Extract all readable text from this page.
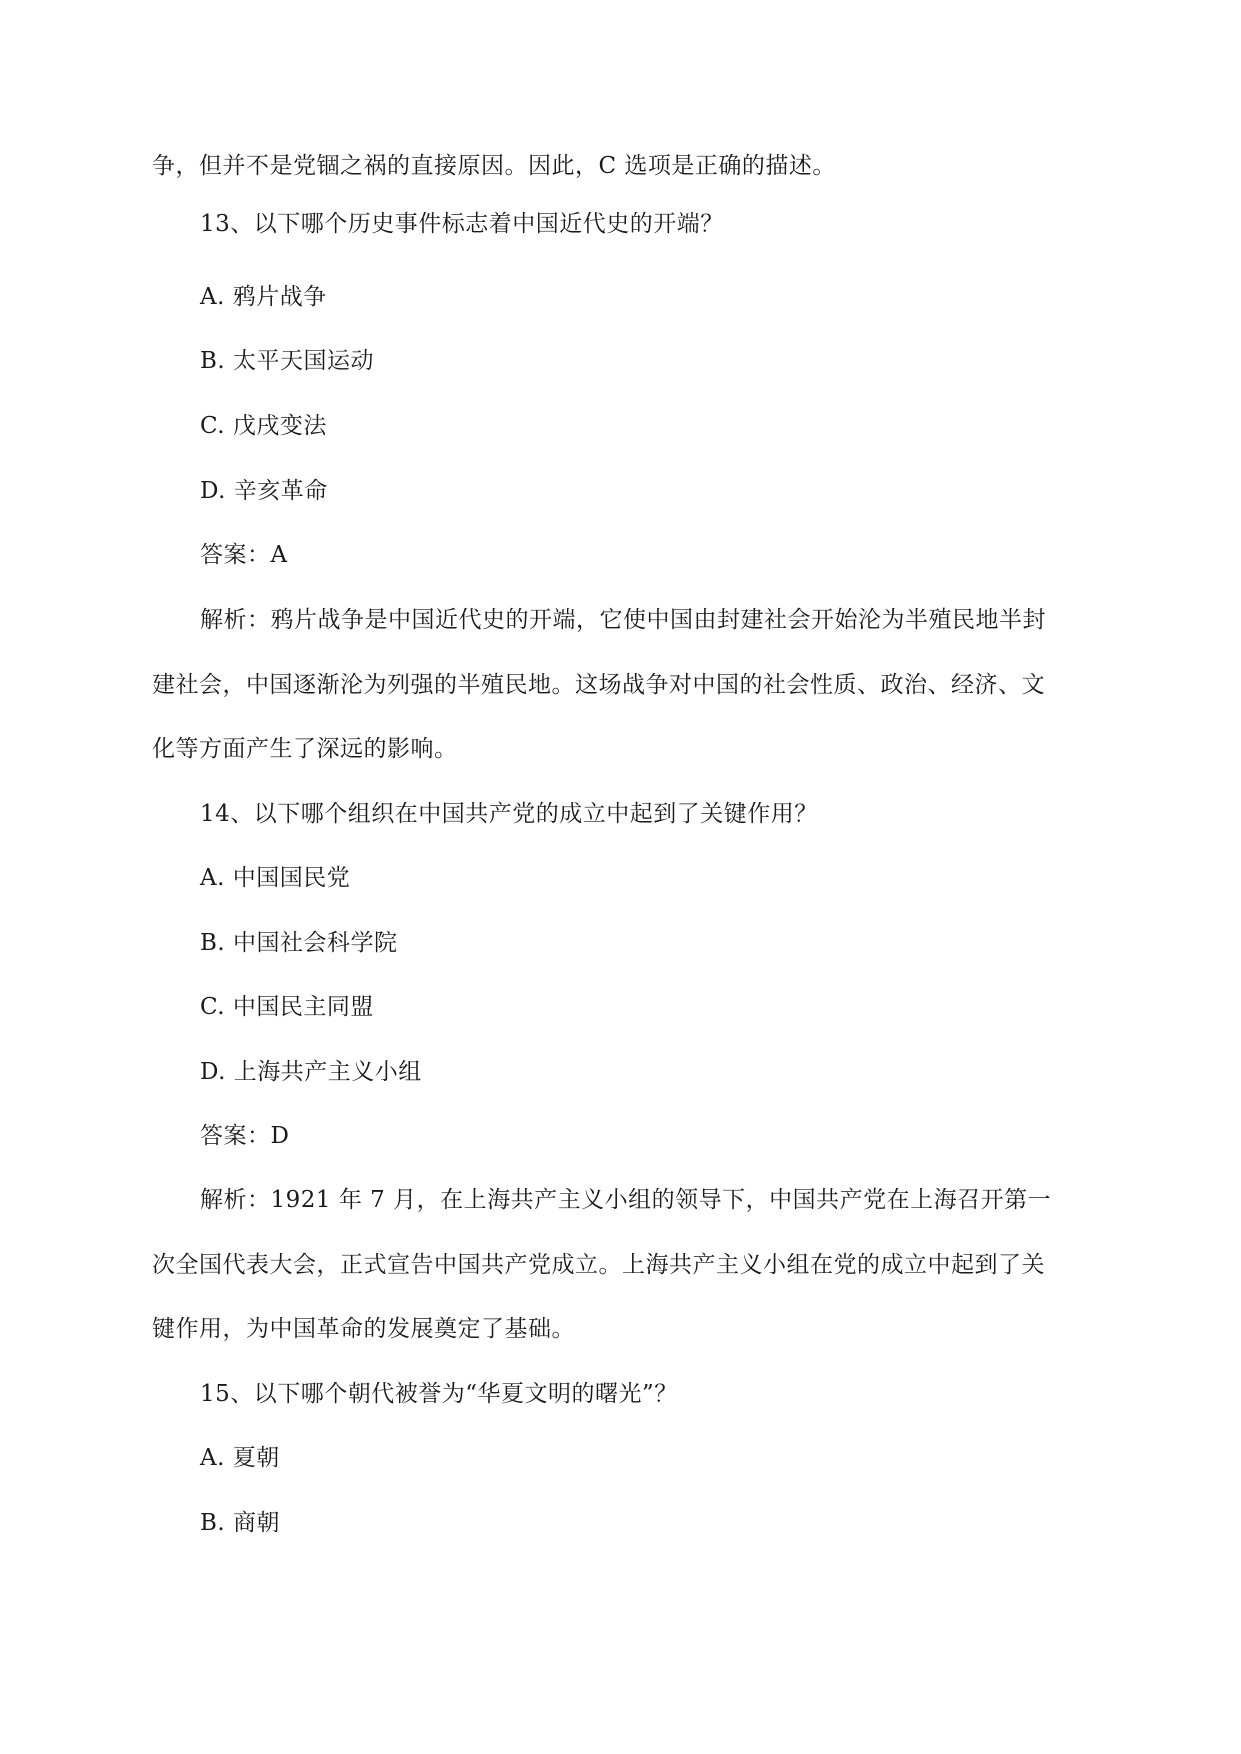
争，但并不是党锢之祸的直接原因。因此，C 选项是正确的描述。
13、以下哪个历史事件标志着中国近代史的开端？
A. 鸦片战争
B. 太平天国运动
C. 戊戌变法
D. 辛亥革命
答案：A
解析：鸦片战争是中国近代史的开端，它使中国由封建社会开始沦为半殖民地半封
建社会，中国逐渐沦为列强的半殖民地。这场战争对中国的社会性质、政治、经济、文
化等方面产生了深远的影响。
14、以下哪个组织在中国共产党的成立中起到了关键作用？
A. 中国国民党
B. 中国社会科学院
C. 中国民主同盟
D. 上海共产主义小组
答案：D
解析：1921 年 7 月，在上海共产主义小组的领导下，中国共产党在上海召开第一
次全国代表大会，正式宣告中国共产党成立。上海共产主义小组在党的成立中起到了关
键作用，为中国革命的发展奠定了基础。
15、以下哪个朝代被誉为“华夏文明的曙光”？
A. 夏朝
B. 商朝
